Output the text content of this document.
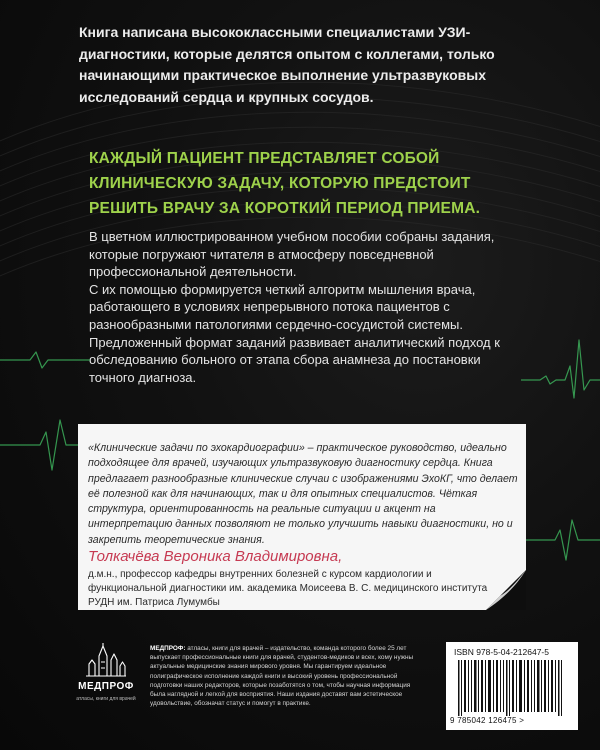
Книга написана высококлассными специалистами УЗИ-диагностики, которые делятся опытом с коллегами, только начинающими практическое выполнение ультразвуковых исследований сердца и крупных сосудов.

КАЖДЫЙ ПАЦИЕНТ ПРЕДСТАВЛЯЕТ СОБОЙ КЛИНИЧЕСКУЮ ЗАДАЧУ, КОТОРУЮ ПРЕДСТОИТ РЕШИТЬ ВРАЧУ ЗА КОРОТКИЙ ПЕРИОД ПРИЕМА.

В цветном иллюстрированном учебном пособии собраны задания, которые погружают читателя в атмосферу повседневной профессиональной деятельности.

С их помощью формируется четкий алгоритм мышления врача, работающего в условиях непрерывного потока пациентов с разнообразными патологиями сердечно-сосудистой системы. Предложенный формат заданий развивает аналитический подход к обследованию больного от этапа сбора анамнеза до постановки точного диагноза.

«Клинические задачи по эхокардиографии» – практическое руководство, идеально подходящее для врачей, изучающих ультразвуковую диагностику сердца. Книга предлагает разнообразные клинические случаи с изображениями ЭхоКГ, что делает её полезной как для начинающих, так и для опытных специалистов. Чёткая структура, ориентированность на реальные ситуации и акцент на интерпретацию данных позволяют не только улучшить навыки диагностики, но и закрепить теоретические знания.

Толкачёва Вероника Владимировна,

д.м.н., профессор кафедры внутренних болезней с курсом кардиологии и функциональной диагностики им. академика Моисеева В. С. медицинского института РУДН им. Патриса Лумумбы

МЕДПРОФ
атласы, книги для врачей

МЕДПРОФ: атласы, книги для врачей – издательство, команда которого более 25 лет выпускает профессиональные книги для врачей, студентов-медиков и всех, кому нужны актуальные медицинские знания мирового уровня. Мы гарантируем идеальное полиграфическое исполнение каждой книги и высокий уровень профессиональной подготовки наших редакторов, которые позаботятся о том, чтобы научная информация была наглядной и легкой для восприятия. Наши издания доставят вам эстетическое удовольствие, обозначат статус и помогут в практике.

ISBN 978-5-04-212647-5
9 785042 126475 >
